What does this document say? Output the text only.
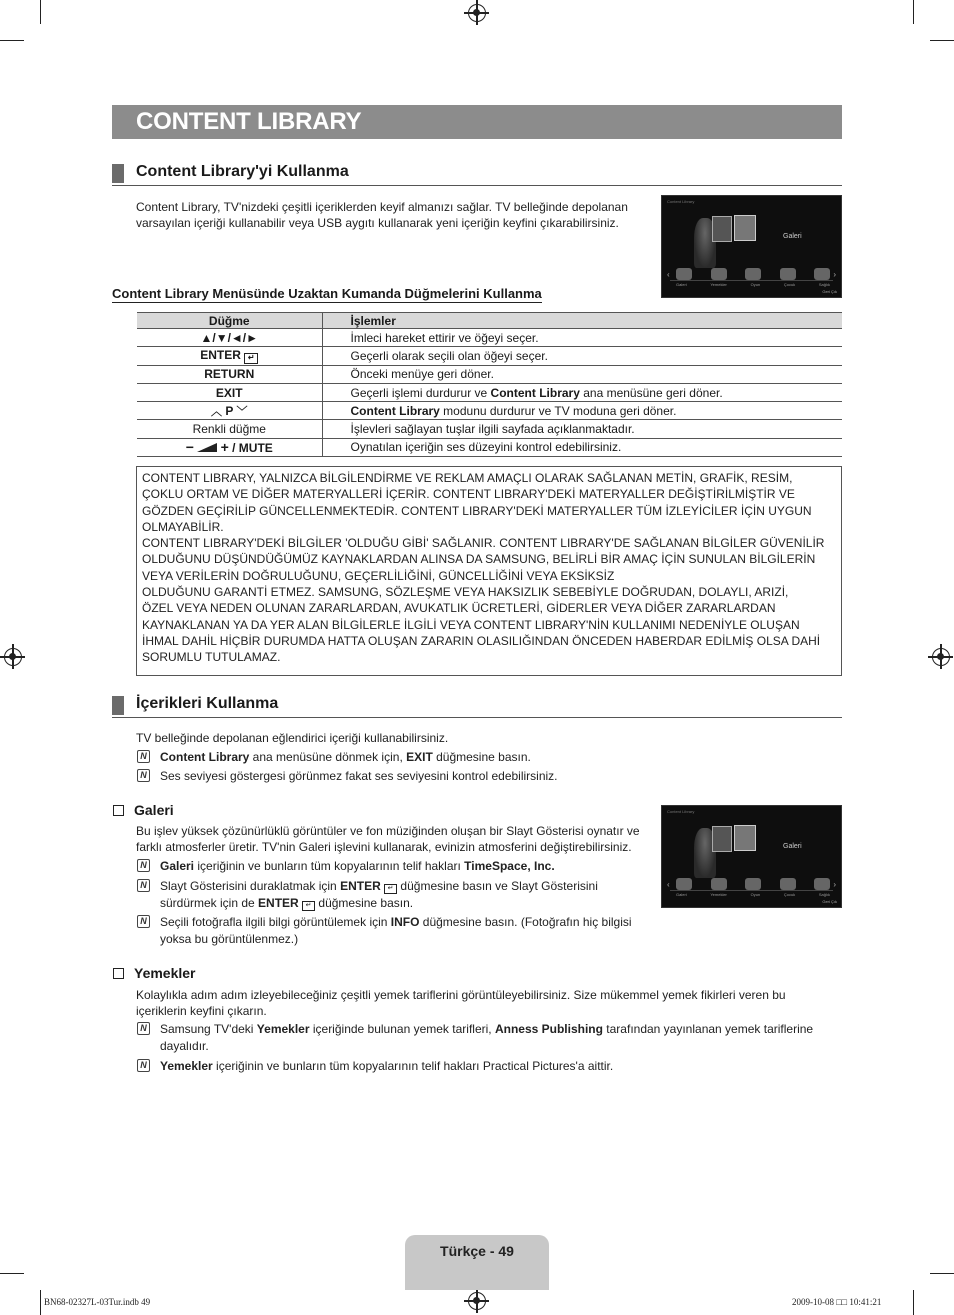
CONTENT LIBRARY
Content Library'yi Kullanma
Content Library, TV'nizdeki çeşitli içeriklerden keyif almanızı sağlar. TV belleğinde depolanan
varsayılan içeriği kullanabilir veya USB aygıtı kullanarak yeni içeriğin keyfini çıkarabilirsiniz.
Content Library
Galeri
‹	›
Galeri	Yemekler	Oyun	Çocuk	Sağlık
Geri Çık
Content Library Menüsünde Uzaktan Kumanda Düğmelerini Kullanma
Düğme	İşlemler
▲/▼/◄/►	İmleci hareket ettirir ve öğeyi seçer.
ENTER ↵	Geçerli olarak seçili olan öğeyi seçer.
RETURN	Önceki menüye geri döner.
EXIT	Geçerli işlemi durdurur ve Content Library ana menüsüne geri döner.
︿ P ﹀	Content Library modunu durdurur ve TV moduna geri döner.
Renkli düğme	İşlevleri sağlayan tuşlar ilgili sayfada açıklanmaktadır.
− + / MUTE	Oynatılan içeriğin ses düzeyini kontrol edebilirsiniz.
CONTENT LIBRARY, YALNIZCA BİLGİLENDİRME VE REKLAM AMAÇLI OLARAK SAĞLANAN METİN, GRAFİK, RESİM,
ÇOKLU ORTAM VE DİĞER MATERYALLERİ İÇERİR. CONTENT LIBRARY'DEKİ MATERYALLER DEĞİŞTİRİLMİŞTİR VE
GÖZDEN GEÇİRİLİP GÜNCELLENMEKTEDİR. CONTENT LIBRARY'DEKİ MATERYALLER TÜM İZLEYİCİLER İÇİN UYGUN
OLMAYABİLİR.
CONTENT LIBRARY'DEKİ BİLGİLER 'OLDUĞU GİBİ' SAĞLANIR. CONTENT LIBRARY'DE SAĞLANAN BİLGİLER GÜVENİLİR
OLDUĞUNU DÜŞÜNDÜĞÜMÜZ KAYNAKLARDAN ALINSA DA SAMSUNG, BELİRLİ BİR AMAÇ İÇİN SUNULAN BİLGİLERİN
VEYA VERİLERİN DOĞRULUĞUNU, GEÇERLİLİĞİNİ, GÜNCELLİĞİNİ VEYA EKSİKSİZ
OLDUĞUNU GARANTİ ETMEZ. SAMSUNG, SÖZLEŞME VEYA HAKSIZLIK SEBEBİYLE DOĞRUDAN, DOLAYLI, ARIZİ,
ÖZEL VEYA NEDEN OLUNAN ZARARLARDAN, AVUKATLIK ÜCRETLERİ, GİDERLER VEYA DİĞER ZARARLARDAN
KAYNAKLANAN YA DA YER ALAN BİLGİLERLE İLGİLİ VEYA CONTENT LIBRARY'NİN KULLANIMI NEDENİYLE OLUŞAN
İHMAL DAHİL HİÇBİR DURUMDA HATTA OLUŞAN ZARARIN OLASILIĞINDAN ÖNCEDEN HABERDAR EDİLMİŞ OLSA DAHİ
SORUMLU TUTULAMAZ.
İçerikleri Kullanma
TV belleğinde depolanan eğlendirici içeriği kullanabilirsiniz.
N Content Library ana menüsüne dönmek için, EXIT düğmesine basın.
N Ses seviyesi göstergesi görünmez fakat ses seviyesini kontrol edebilirsiniz.
Galeri
Bu işlev yüksek çözünürlüklü görüntüler ve fon müziğinden oluşan bir Slayt Gösterisi oynatır ve
farklı atmosferler üretir. TV'nin Galeri işlevini kullanarak, evinizin atmosferini değiştirebilirsiniz.
N Galeri içeriğinin ve bunların tüm kopyalarının telif hakları TimeSpace, Inc.
N Slayt Gösterisini duraklatmak için ENTER ↵ düğmesine basın ve Slayt Gösterisini
sürdürmek için de ENTER ↵ düğmesine basın.
N Seçili fotoğrafla ilgili bilgi görüntülemek için INFO düğmesine basın. (Fotoğrafın hiç bilgisi
yoksa bu görüntülenmez.)
Content Library
Galeri
‹	›
Galeri	Yemekler	Oyun	Çocuk	Sağlık
Geri Çık
Yemekler
Kolaylıkla adım adım izleyebileceğiniz çeşitli yemek tariflerini görüntüleyebilirsiniz. Size mükemmel yemek fikirleri veren bu
içeriklerin keyfini çıkarın.
N Samsung TV'deki Yemekler içeriğinde bulunan yemek tarifleri, Anness Publishing tarafından yayınlanan yemek tariflerine
dayalıdır.
N Yemekler içeriğinin ve bunların tüm kopyalarının telif hakları Practical Pictures'a aittir.
Türkçe - 49
BN68-02327L-03Tur.indb 49	2009-10-08 □□ 10:41:21
